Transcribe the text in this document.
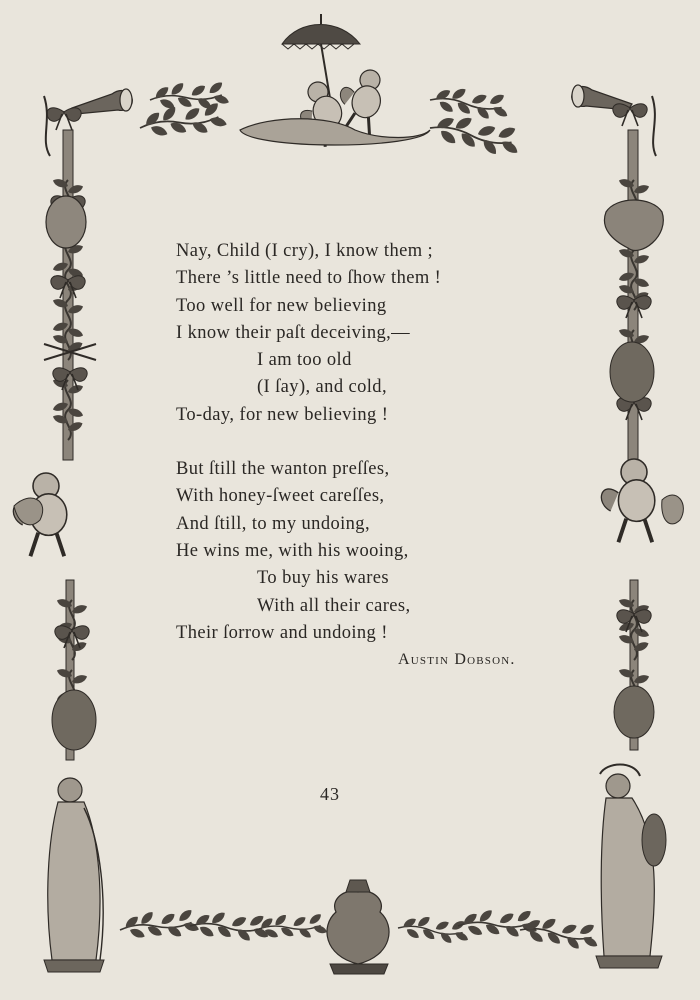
Nay, Child (I cry), I know them ;
There ’s little need to ſhow them !
Too well for new believing
I know their paſt deceiving,—
I am too old
(I ſay), and cold,
To-day, for new believing !
But ſtill the wanton preſſes,
With honey-ſweet careſſes,
And ſtill, to my undoing,
He wins me, with his wooing,
To buy his wares
With all their cares,
Their ſorrow and undoing !
Austin Dobson.
43
